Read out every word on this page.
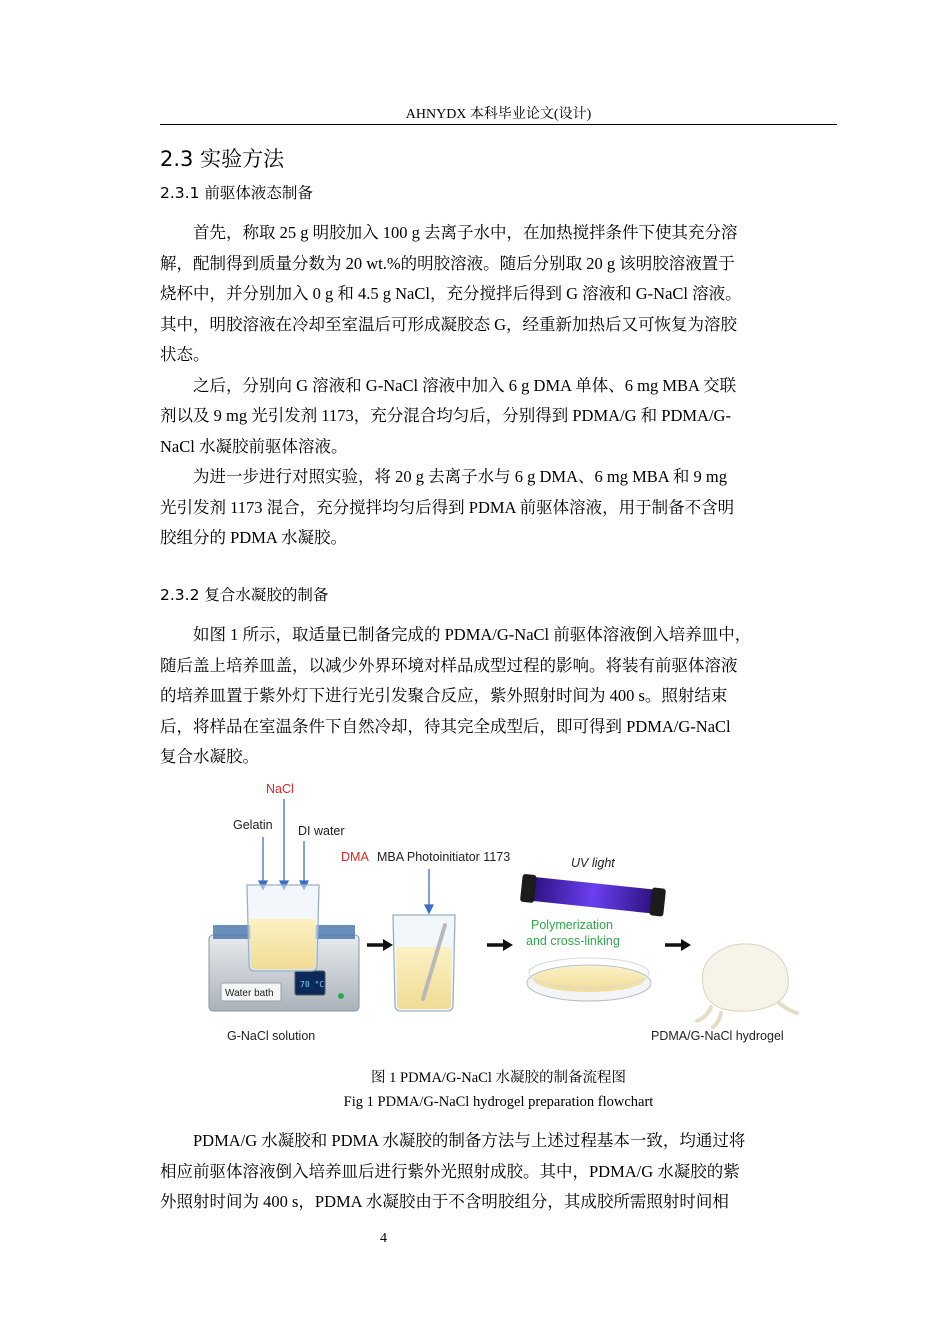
AHNYDX 本科毕业论文(设计)
2.3 实验方法
2.3.1 前驱体液态制备

首先，称取 25 g 明胶加入 100 g 去离子水中，在加热搅拌条件下使其充分溶

解，配制得到质量分数为 20 wt.%的明胶溶液。随后分别取 20 g 该明胶溶液置于
烧杯中，并分别加入 0 g 和 4.5 g NaCl，充分搅拌后得到 G 溶液和 G-NaCl 溶液。
其中，明胶溶液在冷却至室温后可形成凝胶态 G，经重新加热后又可恢复为溶胶
状态。

之后，分别向 G 溶液和 G-NaCl 溶液中加入 6 g DMA 单体、6 mg MBA 交联

剂以及 9 mg 光引发剂 1173，充分混合均匀后，分别得到 PDMA/G 和 PDMA/G-
NaCl 水凝胶前驱体溶液。

为进一步进行对照实验，将 20 g 去离子水与 6 g DMA、6 mg MBA 和 9 mg

光引发剂 1173 混合，充分搅拌均匀后得到 PDMA 前驱体溶液，用于制备不含明
胶组分的 PDMA 水凝胶。
2.3.2 复合水凝胶的制备

如图 1 所示，取适量已制备完成的 PDMA/G-NaCl 前驱体溶液倒入培养皿中，

随后盖上培养皿盖，以减少外界环境对样品成型过程的影响。将装有前驱体溶液
的培养皿置于紫外灯下进行光引发聚合反应，紫外照射时间为 400 s。照射结束
后，将样品在室温条件下自然冷却，待其完全成型后，即可得到 PDMA/G-NaCl
复合水凝胶。
NaCl
Gelatin DI water
Water bath
70 °C
G-NaCl solution
DMA MBA Photoinitiator 1173	UV light
Polymerization
and cross-linking
PDMA/G-NaCl hydrogel
图 1 PDMA/G-NaCl 水凝胶的制备流程图
Fig 1 PDMA/G-NaCl hydrogel preparation flowchart

PDMA/G 水凝胶和 PDMA 水凝胶的制备方法与上述过程基本一致，均通过将

相应前驱体溶液倒入培养皿后进行紫外光照射成胶。其中，PDMA/G 水凝胶的紫
外照射时间为 400 s，PDMA 水凝胶由于不含明胶组分，其成胶所需照射时间相
4
